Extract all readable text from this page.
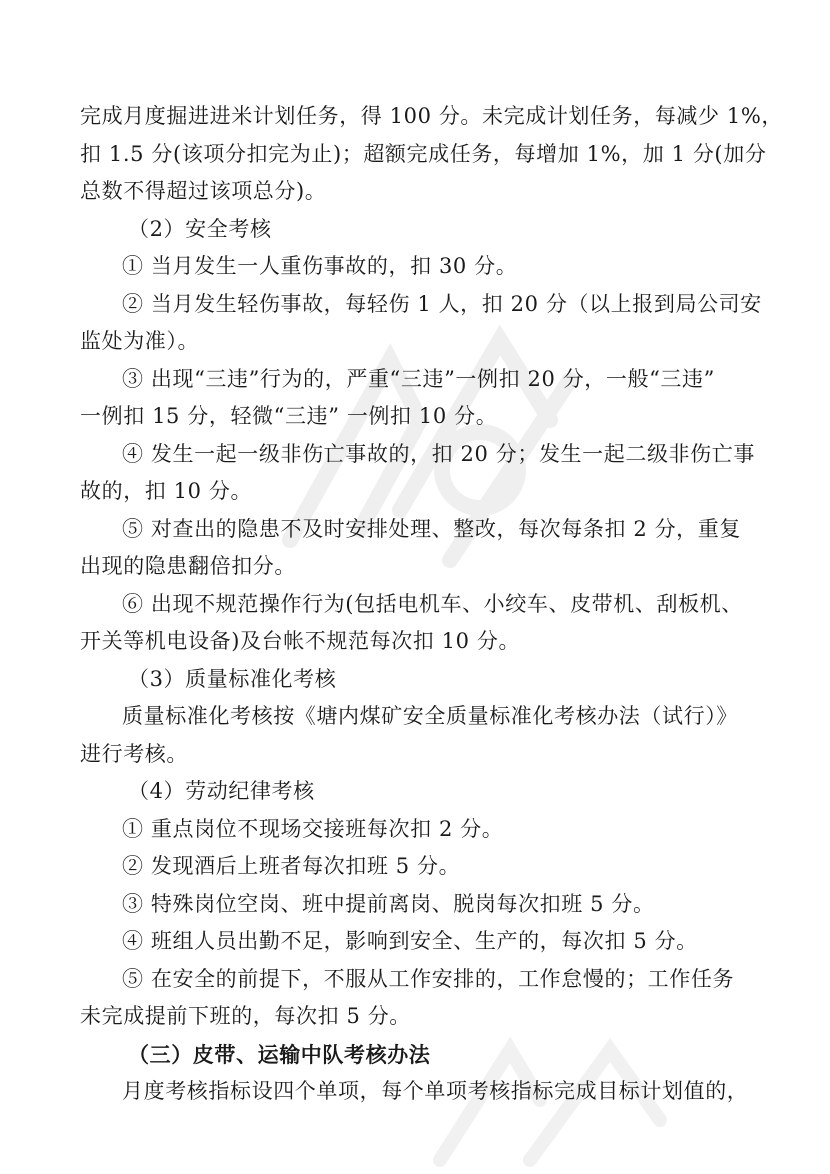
完成月度掘进进米计划任务，得 100 分。未完成计划任务，每减少 1%，
扣 1.5 分(该项分扣完为止)；超额完成任务，每增加 1%，加 1 分(加分
总数不得超过该项总分)。
（2）安全考核
① 当月发生一人重伤事故的，扣 30 分。
② 当月发生轻伤事故，每轻伤 1 人，扣 20 分（以上报到局公司安
监处为准）。
③ 出现“三违”行为的，严重“三违”一例扣 20 分，一般“三违”
一例扣 15 分，轻微“三违” 一例扣 10 分。
④ 发生一起一级非伤亡事故的，扣 20 分；发生一起二级非伤亡事
故的，扣 10 分。
⑤ 对查出的隐患不及时安排处理、整改，每次每条扣 2 分，重复
出现的隐患翻倍扣分。
⑥ 出现不规范操作行为(包括电机车、小绞车、皮带机、刮板机、
开关等机电设备)及台帐不规范每次扣 10 分。
（3）质量标准化考核
质量标准化考核按《塘内煤矿安全质量标准化考核办法（试行）》
进行考核。
（4）劳动纪律考核
① 重点岗位不现场交接班每次扣 2 分。
② 发现酒后上班者每次扣班 5 分。
③ 特殊岗位空岗、班中提前离岗、脱岗每次扣班 5 分。
④ 班组人员出勤不足，影响到安全、生产的，每次扣 5 分。
⑤ 在安全的前提下，不服从工作安排的，工作怠慢的；工作任务
未完成提前下班的，每次扣 5 分。
（三）皮带、运输中队考核办法
月度考核指标设四个单项，每个单项考核指标完成目标计划值的，
